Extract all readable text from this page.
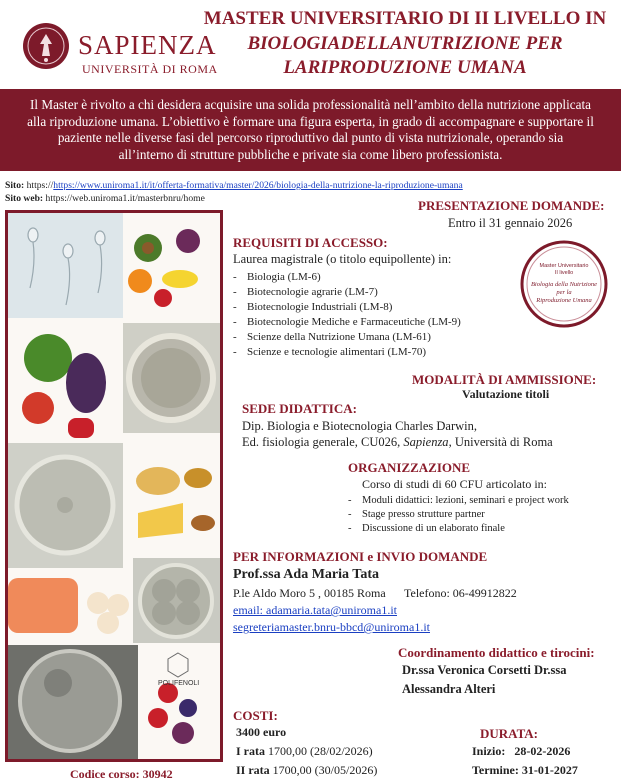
SAPIENZA
UNIVERSITÀ DI ROMA
MASTER UNIVERSITARIO DI II LIVELLO IN
BIOLOGIADELLANUTRIZIONE PER
LARIPRODUZIONE UMANA
Il Master è rivolto a chi desidera acquisire una solida professionalità nell’ambito della nutrizione applicata
alla riproduzione umana. L’obiettivo è formare una figura esperta, in grado di accompagnare e supportare il
paziente nelle diverse fasi del percorso riproduttivo dal punto di vista nutrizionale, operando sia
all’interno di strutture pubbliche e private sia come libero professionista.
Sito: https://https://www.uniroma1.it/it/offerta-formativa/master/2026/biologia-della-nutrizione-la-riproduzione-umana
Sito web: https://web.uniroma1.it/masterbnru/home
POLIFENOLI
Codice corso: 30942
PRESENTAZIONE DOMANDE:
Entro il 31 gennaio 2026
Master Universitario
II livello
Biologia della Nutrizione
per la
Riproduzione Umana
REQUISITI DI ACCESSO:
Laurea magistrale (o titolo equipollente) in:
- Biologia (LM-6)
- Biotecnologie agrarie (LM-7)
- Biotecnologie Industriali (LM-8)
- Biotecnologie Mediche e Farmaceutiche (LM-9)
- Scienze della Nutrizione Umana (LM-61)
- Scienze e tecnologie alimentari (LM-70)
MODALITÀ DI AMMISSIONE:
Valutazione titoli
SEDE DIDATTICA:
Dip. Biologia e Biotecnologia Charles Darwin,
Ed. fisiologia generale, CU026, Sapienza, Università di Roma
ORGANIZZAZIONE
Corso di studi di 60 CFU articolato in:
- Moduli didattici: lezioni, seminari e project work
- Stage presso strutture partner
- Discussione di un elaborato finale
PER INFORMAZIONI e INVIO DOMANDE
Prof.ssa Ada Maria Tata
P.le Aldo Moro 5 , 00185 Roma Telefono: 06-49912822
email: adamaria.tata@uniroma1.it
segreteriamaster.bnru-bbcd@uniroma1.it
Coordinamento didattico e tirocini:
Dr.ssa Veronica Corsetti Dr.ssa
Alessandra Alteri
COSTI:
3400 euro
I rata 1700,00 (28/02/2026)
II rata 1700,00 (30/05/2026)
DURATA:
Inizio: 28-02-2026
Termine: 31-01-2027
